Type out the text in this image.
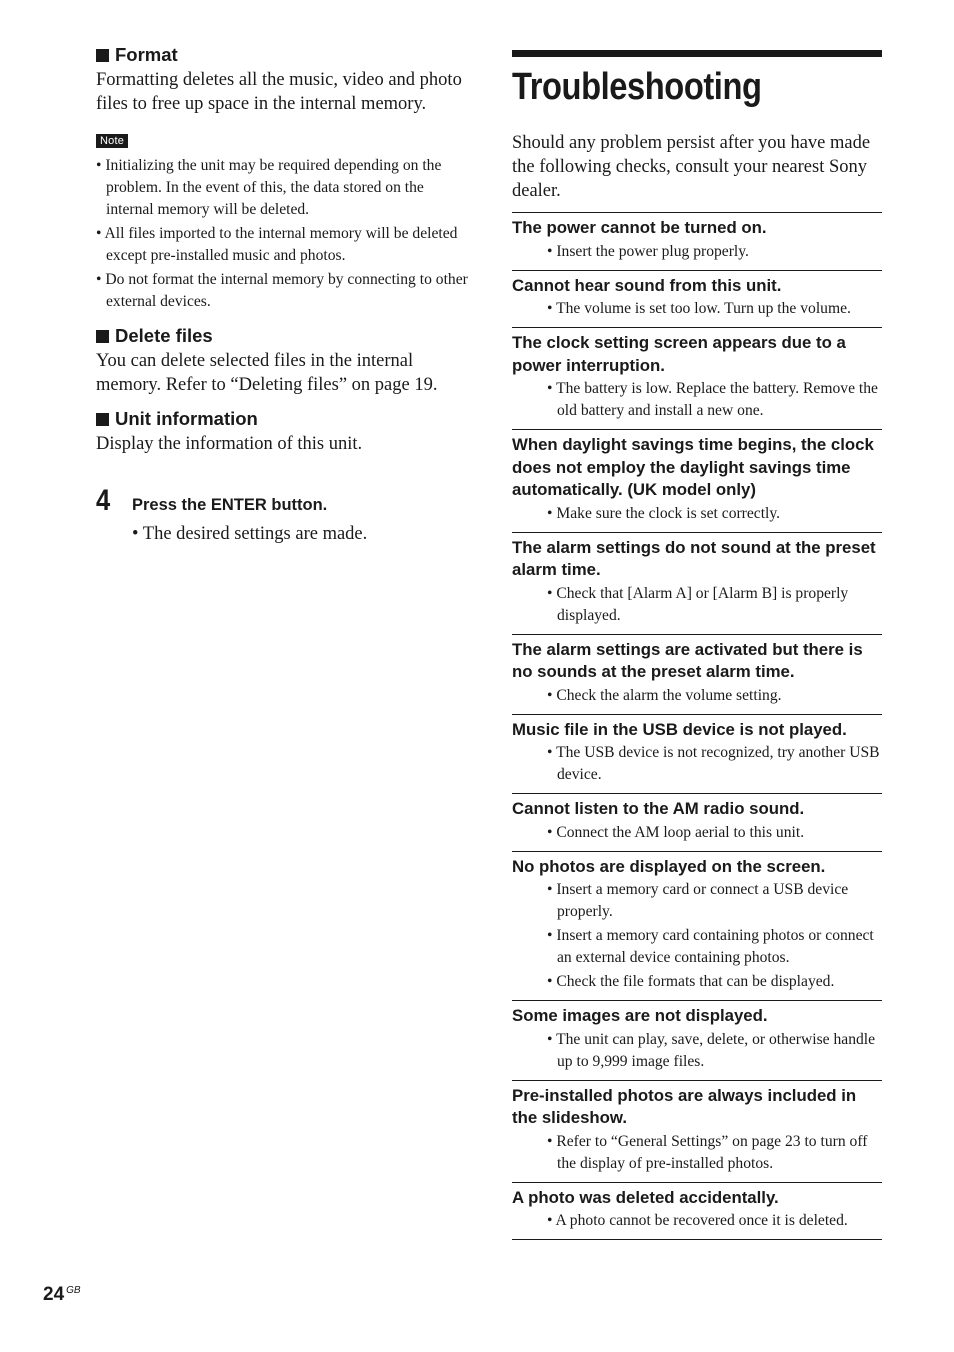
Format

Formatting deletes all the music, video and photo files to free up space in the internal memory.

Note
• Initializing the unit may be required depending on the problem. In the event of this, the data stored on the internal memory will be deleted.
• All files imported to the internal memory will be deleted except pre-installed music and photos.
• Do not format the internal memory by connecting to other external devices.

Delete files

You can delete selected files in the internal memory. Refer to “Deleting files” on page 19.

Unit information

Display the information of this unit.

4	Press the ENTER button.

• The desired settings are made.

Troubleshooting

Should any problem persist after you have made the following checks, consult your nearest Sony dealer.

The power cannot be turned on.
• Insert the power plug properly.
Cannot hear sound from this unit.
• The volume is set too low. Turn up the volume.
The clock setting screen appears due to a power interruption.
• The battery is low. Replace the battery. Remove the old battery and install a new one.
When daylight savings time begins, the clock does not employ the daylight savings time automatically. (UK model only)
• Make sure the clock is set correctly.
The alarm settings do not sound at the preset alarm time.
• Check that [Alarm A] or [Alarm B] is properly displayed.
The alarm settings are activated but there is no sounds at the preset alarm time.
• Check the alarm the volume setting.
Music file in the USB device is not played.
• The USB device is not recognized, try another USB device.
Cannot listen to the AM radio sound.
• Connect the AM loop aerial to this unit.
No photos are displayed on the screen.
• Insert a memory card or connect a USB device properly.
• Insert a memory card containing photos or connect an external device containing photos.
• Check the file formats that can be displayed.
Some images are not displayed.
• The unit can play, save, delete, or otherwise handle up to 9,999 image files.
Pre-installed photos are always included in the slideshow.
• Refer to “General Settings” on page 23 to turn off the display of pre-installed photos.
A photo was deleted accidentally.
• A photo cannot be recovered once it is deleted.
24 $^{GB}$
